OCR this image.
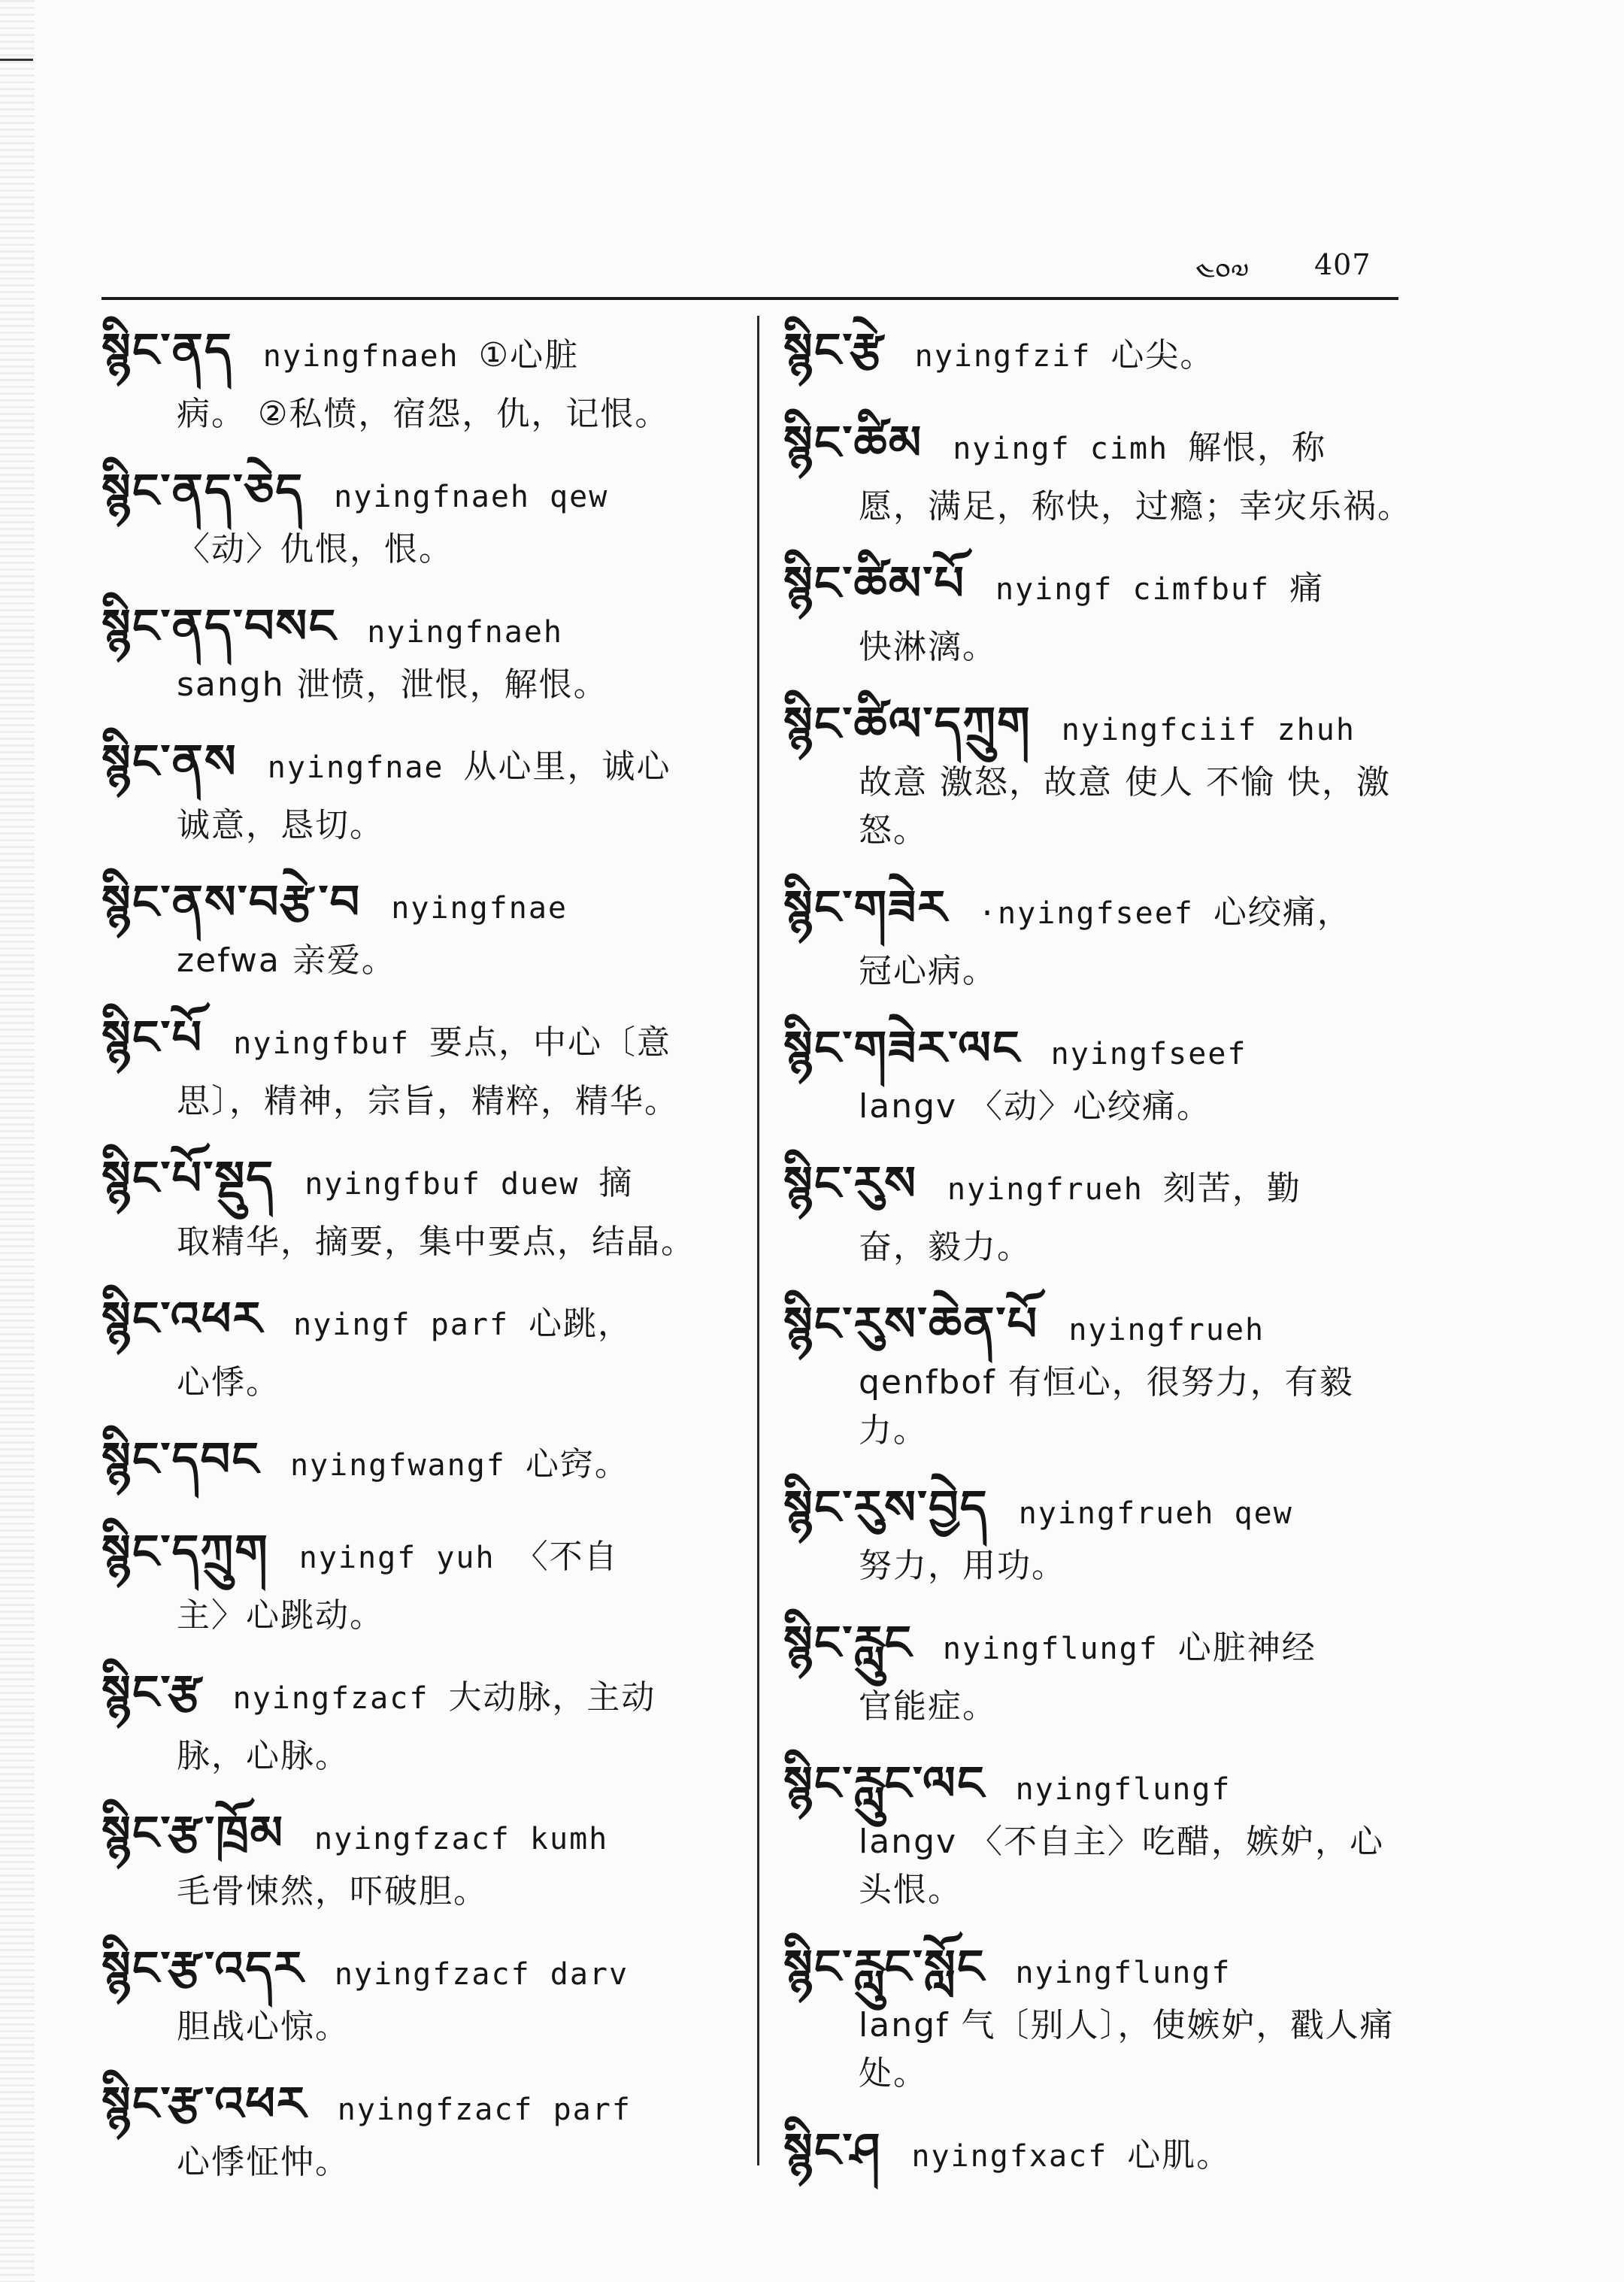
༤༠༧ 407
སྙིང་ནད nyingfnaeh ①心脏
病。 ②私愤，宿怨，仇，记恨。
སྙིང་ནད་ཅེད nyingfnaeh qew
〈动〉仇恨，恨。
སྙིང་ནད་བསང nyingfnaeh
sangh 泄愤，泄恨，解恨。
སྙིང་ནས nyingfnae 从心里，诚心
诚意，恳切。
སྙིང་ནས་བརྩེ་བ nyingfnae
zefwa 亲爱。
སྙིང་པོ nyingfbuf 要点，中心〔意
思〕，精神，宗旨，精粹，精华。
སྙིང་པོ་སྡུད nyingfbuf duew 摘
取精华，摘要，集中要点，结晶。
སྙིང་འཕར nyingf parf 心跳，
心悸。
སྙིང་དབང nyingfwangf 心窍。
སྙིང་དཀྲུག nyingf yuh 〈不自
主〉心跳动。
སྙིང་རྩ nyingfzacf 大动脉，主动
脉，心脉。
སྙིང་རྩ་ཁྲོམ nyingfzacf kumh
毛骨悚然，吓破胆。
སྙིང་རྩ་འདར nyingfzacf darv
胆战心惊。
སྙིང་རྩ་འཕར nyingfzacf parf
心悸怔忡。
སྙིང་རྩེ nyingfzif 心尖。
སྙིང་ཚིམ nyingf cimh 解恨，称
愿，满足，称快，过瘾；幸灾乐祸。
སྙིང་ཚིམ་པོ nyingf cimfbuf 痛
快淋漓。
སྙིང་ཚིལ་དཀྲུག nyingfciif zhuh
故意 激怒，故意 使人 不愉 快，激怒。
སྙིང་གཟེར ·nyingfseef 心绞痛，
冠心病。
སྙིང་གཟེར་ལང nyingfseef
langv 〈动〉心绞痛。
སྙིང་རུས nyingfrueh 刻苦，勤
奋，毅力。
སྙིང་རུས་ཆེན་པོ nyingfrueh
qenfbof 有恒心，很努力，有毅力。
སྙིང་རུས་བྱེད nyingfrueh qew
努力，用功。
སྙིང་རླུང nyingflungf 心脏神经
官能症。
སྙིང་རླུང་ལང nyingflungf
langv 〈不自主〉吃醋，嫉妒，心头恨。
སྙིང་རླུང་སློང nyingflungf
langf 气〔别人〕，使嫉妒，戳人痛处。
སྙིང་ཤ nyingfxacf 心肌。
